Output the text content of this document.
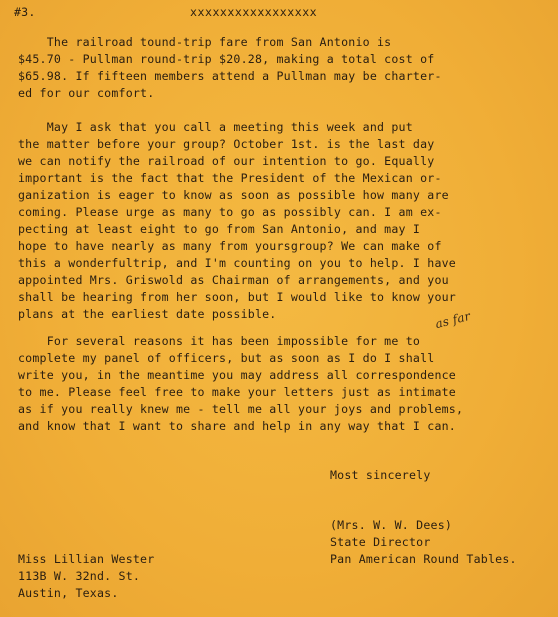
#3.	xxxxxxxxxxxxxxxxx
The railroad tound-trip fare from San Antonio is
$45.70 - Pullman round-trip $20.28, making a total cost of
$65.98. If fifteen members attend a Pullman may be charter-
ed for our comfort.
May I ask that you call a meeting this week and put
the matter before your group? October 1st. is the last day
we can notify the railroad of our intention to go. Equally
important is the fact that the President of the Mexican or-
ganization is eager to know as soon as possible how many are
coming. Please urge as many to go as possibly can. I am ex-
pecting at least eight to go from San Antonio, and may I
hope to have nearly as many from yoursgroup? We can make of
this a wonderfultrip, and I'm counting on you to help. I have
appointed Mrs. Griswold as Chairman of arrangements, and you
shall be hearing from her soon, but I would like to know your
plans at the earliest date possible.	as far
For several reasons it has been impossible for me to
complete my panel of officers, but as soon as I do I shall
write you, in the meantime you may address all correspondence
to me. Please feel free to make your letters just as intimate
as if you really knew me - tell me all your joys and problems,
and know that I want to share and help in any way that I can.
Most sincerely
(Mrs. W. W. Dees)
State Director
Pan American Round Tables.
Miss Lillian Wester
113B W. 32nd. St.
Austin, Texas.
